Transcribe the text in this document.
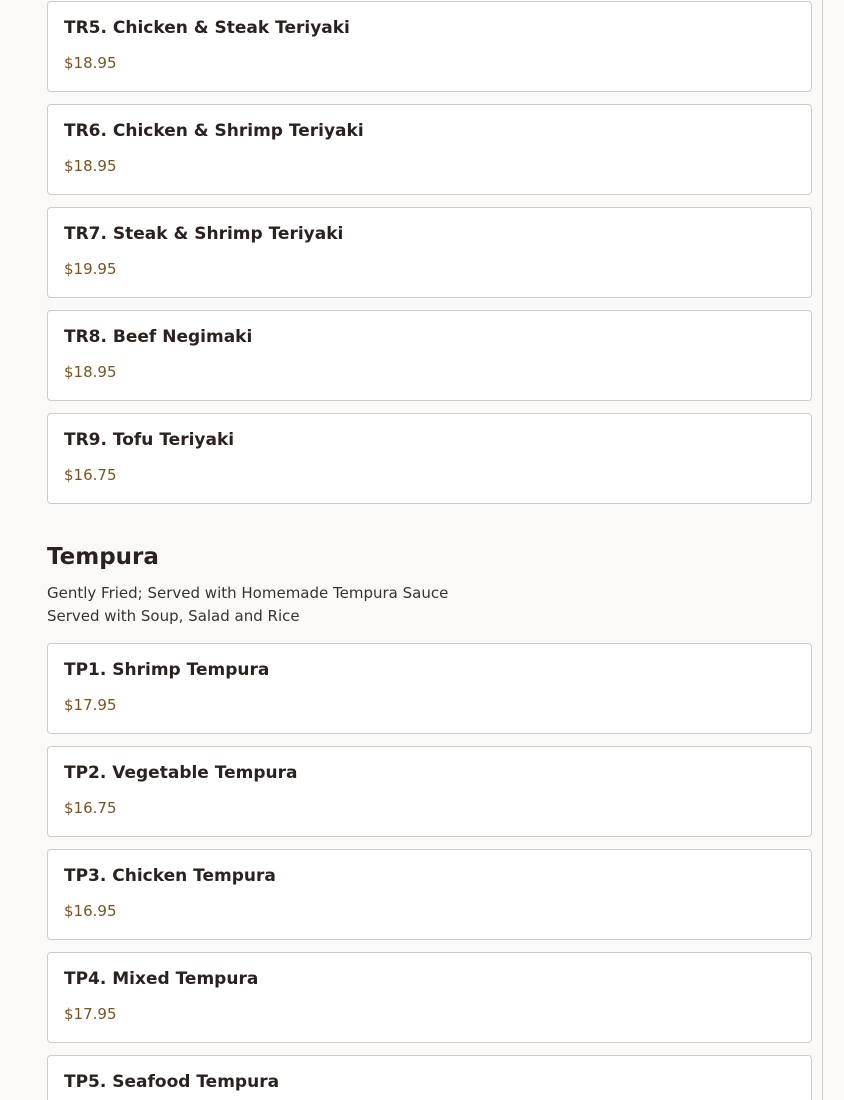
TR5. Chicken & Steak Teriyaki
$18.95
TR6. Chicken & Shrimp Teriyaki
$18.95
TR7. Steak & Shrimp Teriyaki
$19.95
TR8. Beef Negimaki
$18.95
TR9. Tofu Teriyaki
$16.75
Tempura
Gently Fried; Served with Homemade Tempura Sauce
Served with Soup, Salad and Rice
TP1. Shrimp Tempura
$17.95
TP2. Vegetable Tempura
$16.75
TP3. Chicken Tempura
$16.95
TP4. Mixed Tempura
$17.95
TP5. Seafood Tempura
